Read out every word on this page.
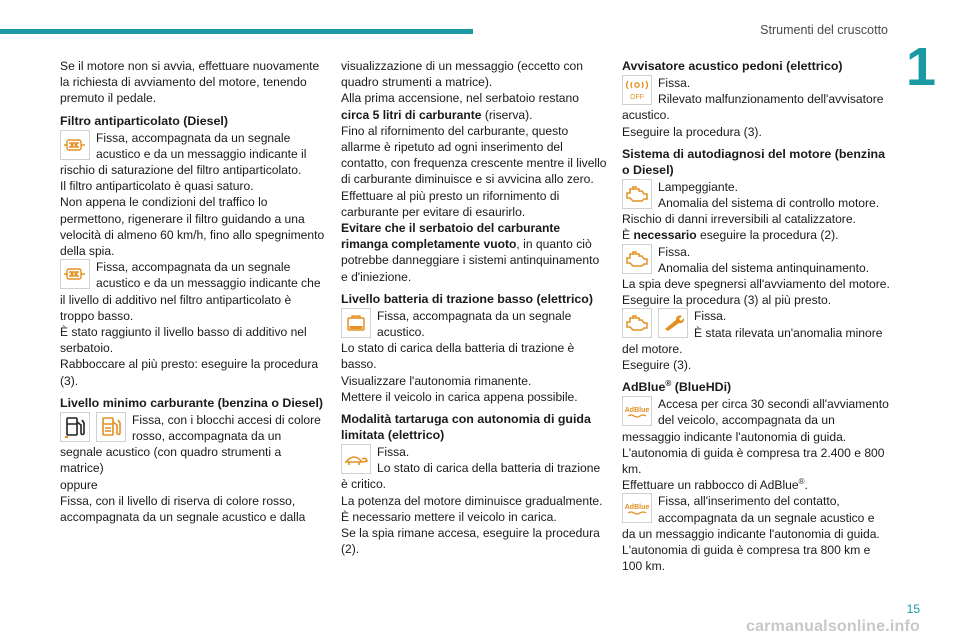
Strumenti del cruscotto
1

Se il motore non si avvia, effettuare nuovamente la richiesta di avviamento del motore, tenendo premuto il pedale.

Filtro antiparticolato (Diesel)
Fissa, accompagnata da un segnale acustico e da un messaggio indicante il rischio di saturazione del filtro antiparticolato.

Il filtro antiparticolato è quasi saturo.

Non appena le condizioni del traffico lo permettono, rigenerare il filtro guidando a una velocità di almeno 60 km/h, fino allo spegnimento della spia.

Fissa, accompagnata da un segnale acustico e da un messaggio indicante che il livello di additivo nel filtro antiparticolato è troppo basso.

È stato raggiunto il livello basso di additivo nel serbatoio.

Rabboccare al più presto: eseguire la procedura (3).

Livello minimo carburante (benzina o Diesel)
Fissa, con i blocchi accesi di colore rosso, accompagnata da un segnale acustico (con quadro strumenti a matrice)

oppure

Fissa, con il livello di riserva di colore rosso, accompagnata da un segnale acustico e dalla

visualizzazione di un messaggio (eccetto con quadro strumenti a matrice).

Alla prima accensione, nel serbatoio restano circa 5 litri di carburante (riserva).

Fino al rifornimento del carburante, questo allarme è ripetuto ad ogni inserimento del contatto, con frequenza crescente mentre il livello di carburante diminuisce e si avvicina allo zero.

Effettuare al più presto un rifornimento di carburante per evitare di esaurirlo.

Evitare che il serbatoio del carburante rimanga completamente vuoto, in quanto ciò potrebbe danneggiare i sistemi antinquinamento e d'iniezione.

Livello batteria di trazione basso (elettrico)
Fissa, accompagnata da un segnale acustico.

Lo stato di carica della batteria di trazione è basso.

Visualizzare l'autonomia rimanente.

Mettere il veicolo in carica appena possibile.

Modalità tartaruga con autonomia di guida limitata (elettrico)
Fissa.
Lo stato di carica della batteria di trazione è critico.

La potenza del motore diminuisce gradualmente.

È necessario mettere il veicolo in carica.

Se la spia rimane accesa, eseguire la procedura (2).

Avvisatore acustico pedoni (elettrico)
OFF
Fissa.
Rilevato malfunzionamento dell'avvisatore acustico.

Eseguire la procedura (3).

Sistema di autodiagnosi del motore (benzina o Diesel)
Lampeggiante.
Anomalia del sistema di controllo motore.

Rischio di danni irreversibili al catalizzatore.

È necessario eseguire la procedura (2).

Fissa.
Anomalia del sistema antinquinamento.

La spia deve spegnersi all'avviamento del motore.

Eseguire la procedura (3) al più presto.

Fissa.
È stata rilevata un'anomalia minore del motore.

Eseguire (3).

AdBlue® (BlueHDi)
AdBlue Accesa per circa 30 secondi all'avviamento del veicolo, accompagnata da un messaggio indicante l'autonomia di guida.

L'autonomia di guida è compresa tra 2.400 e 800 km.

Effettuare un rabbocco di AdBlue®.

AdBlue Fissa, all'inserimento del contatto, accompagnata da un segnale acustico e da un messaggio indicante l'autonomia di guida.

L'autonomia di guida è compresa tra 800 km e 100 km.

15
carmanualsonline.info
